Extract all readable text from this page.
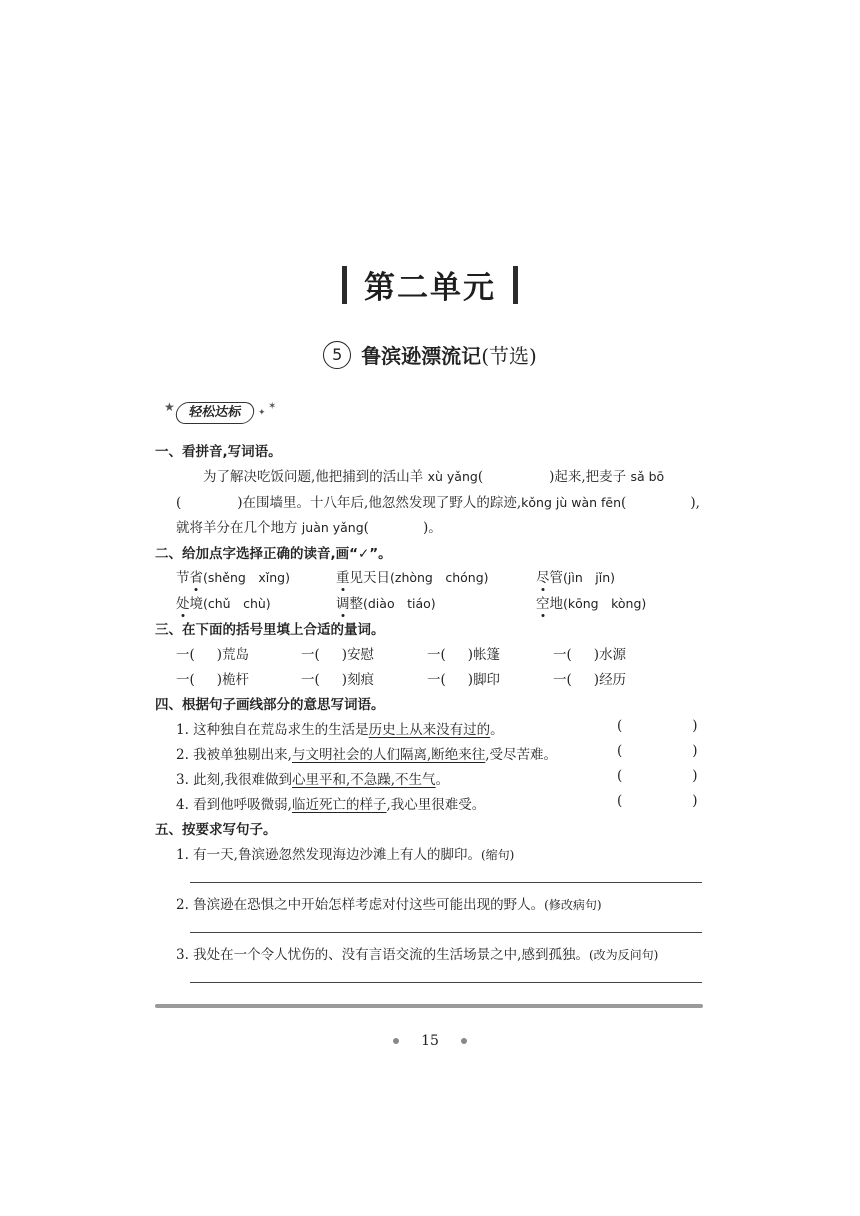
第二单元
5 鲁滨逊漂流记(节选)
★ 轻松达标	✦
✶
一、看拼音,写词语。
为了解决吃饭问题,他把捕到的活山羊 xù yǎng(	)起来,把麦子 sǎ bō
(	)在围墙里。十八年后,他忽然发现了野人的踪迹,kǒng jù wàn fēn(	),
就将羊分在几个地方 juàn yǎng(	)。
二、给加点字选择正确的读音,画“✓”。
节省(shěng　xǐng)	重见天日(zhòng　chóng)	尽管(jìn　jǐn)
处境(chǔ　chù)	调整(diào　tiáo)	空地(kōng　kòng)
三、在下面的括号里填上合适的量词。
一( )荒岛	一( )安慰	一( )帐篷	一( )水源
一( )桅杆	一( )刻痕	一( )脚印	一( )经历
四、根据句子画线部分的意思写词语。
1. 这种独自在荒岛求生的生活是历史上从来没有过的。	(	)
2. 我被单独剔出来,与文明社会的人们隔离,断绝来往,受尽苦难。	(	)
3. 此刻,我很难做到心里平和,不急躁,不生气。	(	)
4. 看到他呼吸微弱,临近死亡的样子,我心里很难受。	(	)
五、按要求写句子。
1. 有一天,鲁滨逊忽然发现海边沙滩上有人的脚印。(缩句)
2. 鲁滨逊在恐惧之中开始怎样考虑对付这些可能出现的野人。(修改病句)
3. 我处在一个令人忧伤的、没有言语交流的生活场景之中,感到孤独。(改为反问句)
15
